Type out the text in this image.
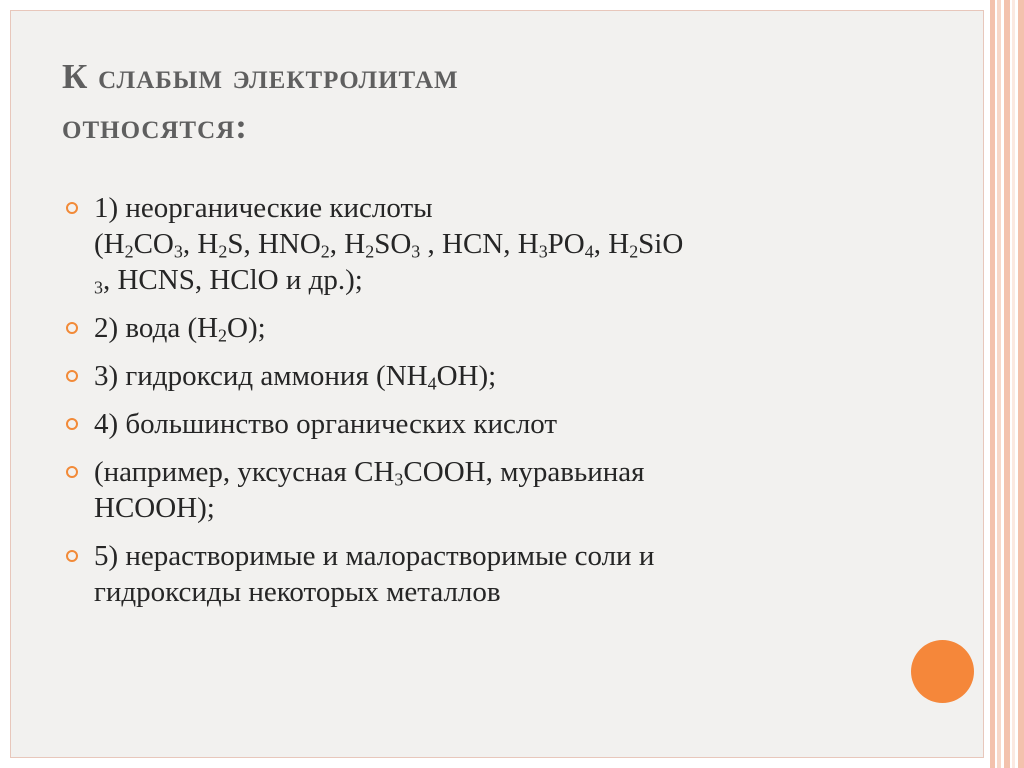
К слабым электролитам
относятся:
1) неорганические кислоты
($H_2CO_3$, $H_2S$, $HNO_2$, $H_2SO_3$ , HCN, $H_3PO_4$, $H_2SiO$
$_3$, HCNS, HClO и др.);
2) вода $(H_2O)$;
3) гидроксид аммония $(NH_4OH)$;
4) большинство органических кислот
(например, уксусная $CH_3COOH$, муравьиная
HCOOH);
5) нерастворимые и малорастворимые соли и
гидроксиды некоторых металлов
